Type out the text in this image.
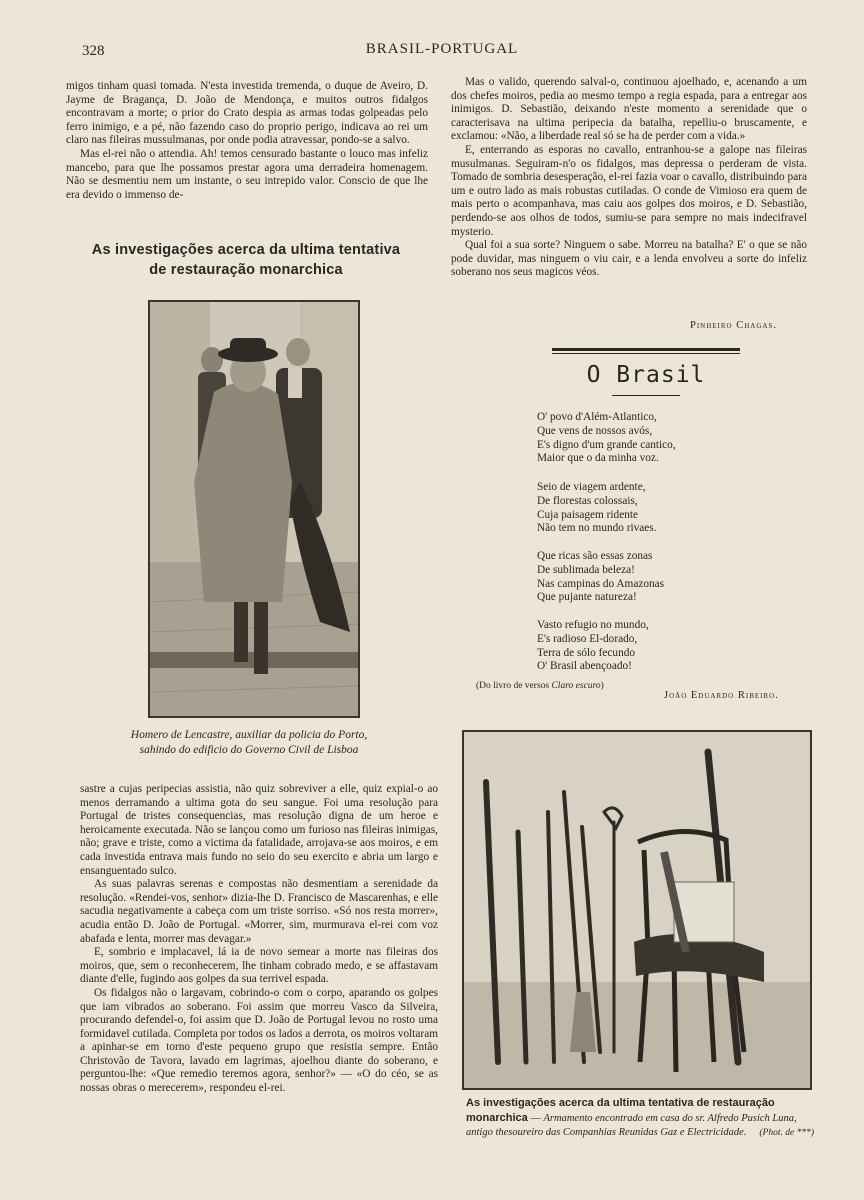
328	BRASIL-PORTUGAL

migos tinham quasi tomada. N'esta investida tremenda, o duque de Aveiro, D. Jayme de Bragança, D. João de Mendonça, e muitos outros fidalgos encontravam a morte; o prior do Crato despia as armas todas golpeadas pelo ferro inimigo, e a pé, não fazendo caso do proprio perigo, indicava ao rei um claro nas fileiras mussulmanas, por onde podia atravessar, pondo-se a salvo.

Mas el-rei não o attendia. Ah! temos censurado bastante o louco mas infeliz mancebo, para que lhe possamos prestar agora uma derradeira homenagem. Não se desmentiu nem um instante, o seu intrepido valor. Conscio de que lhe era devido o immenso de-

As investigações acerca da ultima tentativa
de restauração monarchica
Homero de Lencastre, auxiliar da policia do Porto,
sahindo do edificio do Governo Civil de Lisboa

sastre a cujas peripecias assistia, não quiz sobreviver a elle, quiz expial-o ao menos derramando a ultima gota do seu sangue. Foi uma resolução para Portugal de tristes consequencias, mas resolução digna de um heroe e heroicamente executada. Não se lançou como um furioso nas fileiras inimigas, não; grave e triste, como a victima da fatalidade, arrojava-se aos moiros, e em cada investida entrava mais fundo no seio do seu exercito e abria um largo e ensanguentado sulco.

As suas palavras serenas e compostas não desmentiam a serenidade da resolução. «Rendei-vos, senhor» dizia-lhe D. Francisco de Mascarenhas, e elle sacudia negativamente a cabeça com um triste sorriso. «Só nos resta morrer», acudia então D. João de Portugal. «Morrer, sim, murmurava el-rei com voz abafada e lenta, morrer mas devagar.»

E, sombrio e implacavel, lá ia de novo semear a morte nas fileiras dos moiros, que, sem o reconhecerem, lhe tinham cobrado medo, e se affastavam diante d'elle, fugindo aos golpes da sua terrivel espada.

Os fidalgos não o largavam, cobrindo-o com o corpo, aparando os golpes que iam vibrados ao soberano. Foi assim que morreu Vasco da Silveira, procurando defendel-o, foi assim que D. João de Portugal levou no rosto uma formidavel cutilada. Completa por todos os lados a derrota, os moiros voltaram a apinhar-se em torno d'este pequeno grupo que resistia sempre. Então Christovão de Tavora, lavado em lagrimas, ajoelhou diante do soberano, e perguntou-lhe: «Que remedio teremos agora, senhor?» — «O do céo, se as nossas obras o merecerem», respondeu el-rei.

Mas o valido, querendo salval-o, continuou ajoelhado, e, acenando a um dos chefes moiros, pedia ao mesmo tempo a regia espada, para a entregar aos inimigos. D. Sebastião, deixando n'este momento a serenidade que o caracterisava na ultima peripecia da batalha, repelliu-o bruscamente, e exclamou: «Não, a liberdade real só se ha de perder com a vida.»

E, enterrando as esporas no cavallo, entranhou-se a galope nas fileiras musulmanas. Seguiram-n'o os fidalgos, mas depressa o perderam de vista. Tomado de sombria desesperação, el-rei fazia voar o cavallo, distribuindo para um e outro lado as mais robustas cutiladas. O conde de Vimioso era quem de mais perto o acompanhava, mas caiu aos golpes dos moiros, e D. Sebastião, perdendo-se aos olhos de todos, sumiu-se para sempre no mais indecifravel mysterio.

Qual foi a sua sorte? Ninguem o sabe. Morreu na batalha? E' o que se não pode duvidar, mas ninguem o viu cair, e a lenda envolveu a sorte do infeliz soberano nos seus magicos véos.

Pinheiro Chagas.
O Brasil
O' povo d'Além-Atlantico,
Que vens de nossos avós,
E's digno d'um grande cantico,
Maior que o da minha voz.
Seio de viagem ardente,
De florestas colossais,
Cuja paisagem ridente
Não tem no mundo rivaes.
Que ricas são essas zonas
De sublimada beleza!
Nas campinas do Amazonas
Que pujante natureza!
Vasto refugio no mundo,
E's radioso El-dorado,
Terra de sólo fecundo
O' Brasil abençoado!
(Do livro de versos Claro escuro)
João Eduardo Ribeiro.
As investigações acerca da ultima tentativa de restauração monarchica — Armamento encontrado em casa do sr. Alfredo Pusich Luna, antigo thesoureiro das Companhias Reunidas Gaz e Electricidade. (Phot. de ***)
